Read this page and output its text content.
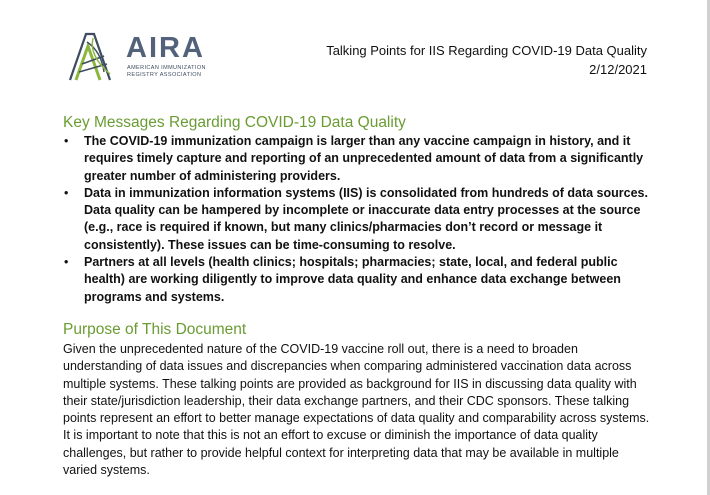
AIRA
AMERICAN IMMUNIZATION REGISTRY ASSOCIATION
Talking Points for IIS Regarding COVID-19 Data Quality
2/12/2021
Key Messages Regarding COVID-19 Data Quality
• The COVID-19 immunization campaign is larger than any vaccine campaign in history, and it requires timely capture and reporting of an unprecedented amount of data from a significantly greater number of administering providers.
• Data in immunization information systems (IIS) is consolidated from hundreds of data sources. Data quality can be hampered by incomplete or inaccurate data entry processes at the source (e.g., race is required if known, but many clinics/pharmacies don’t record or message it consistently). These issues can be time-consuming to resolve.
• Partners at all levels (health clinics; hospitals; pharmacies; state, local, and federal public health) are working diligently to improve data quality and enhance data exchange between programs and systems.
Purpose of This Document

Given the unprecedented nature of the COVID-19 vaccine roll out, there is a need to broaden understanding of data issues and discrepancies when comparing administered vaccination data across multiple systems. These talking points are provided as background for IIS in discussing data quality with their state/jurisdiction leadership, their data exchange partners, and their CDC sponsors. These talking points represent an effort to better manage expectations of data quality and comparability across systems. It is important to note that this is not an effort to excuse or diminish the importance of data quality challenges, but rather to provide helpful context for interpreting data that may be available in multiple varied systems.
